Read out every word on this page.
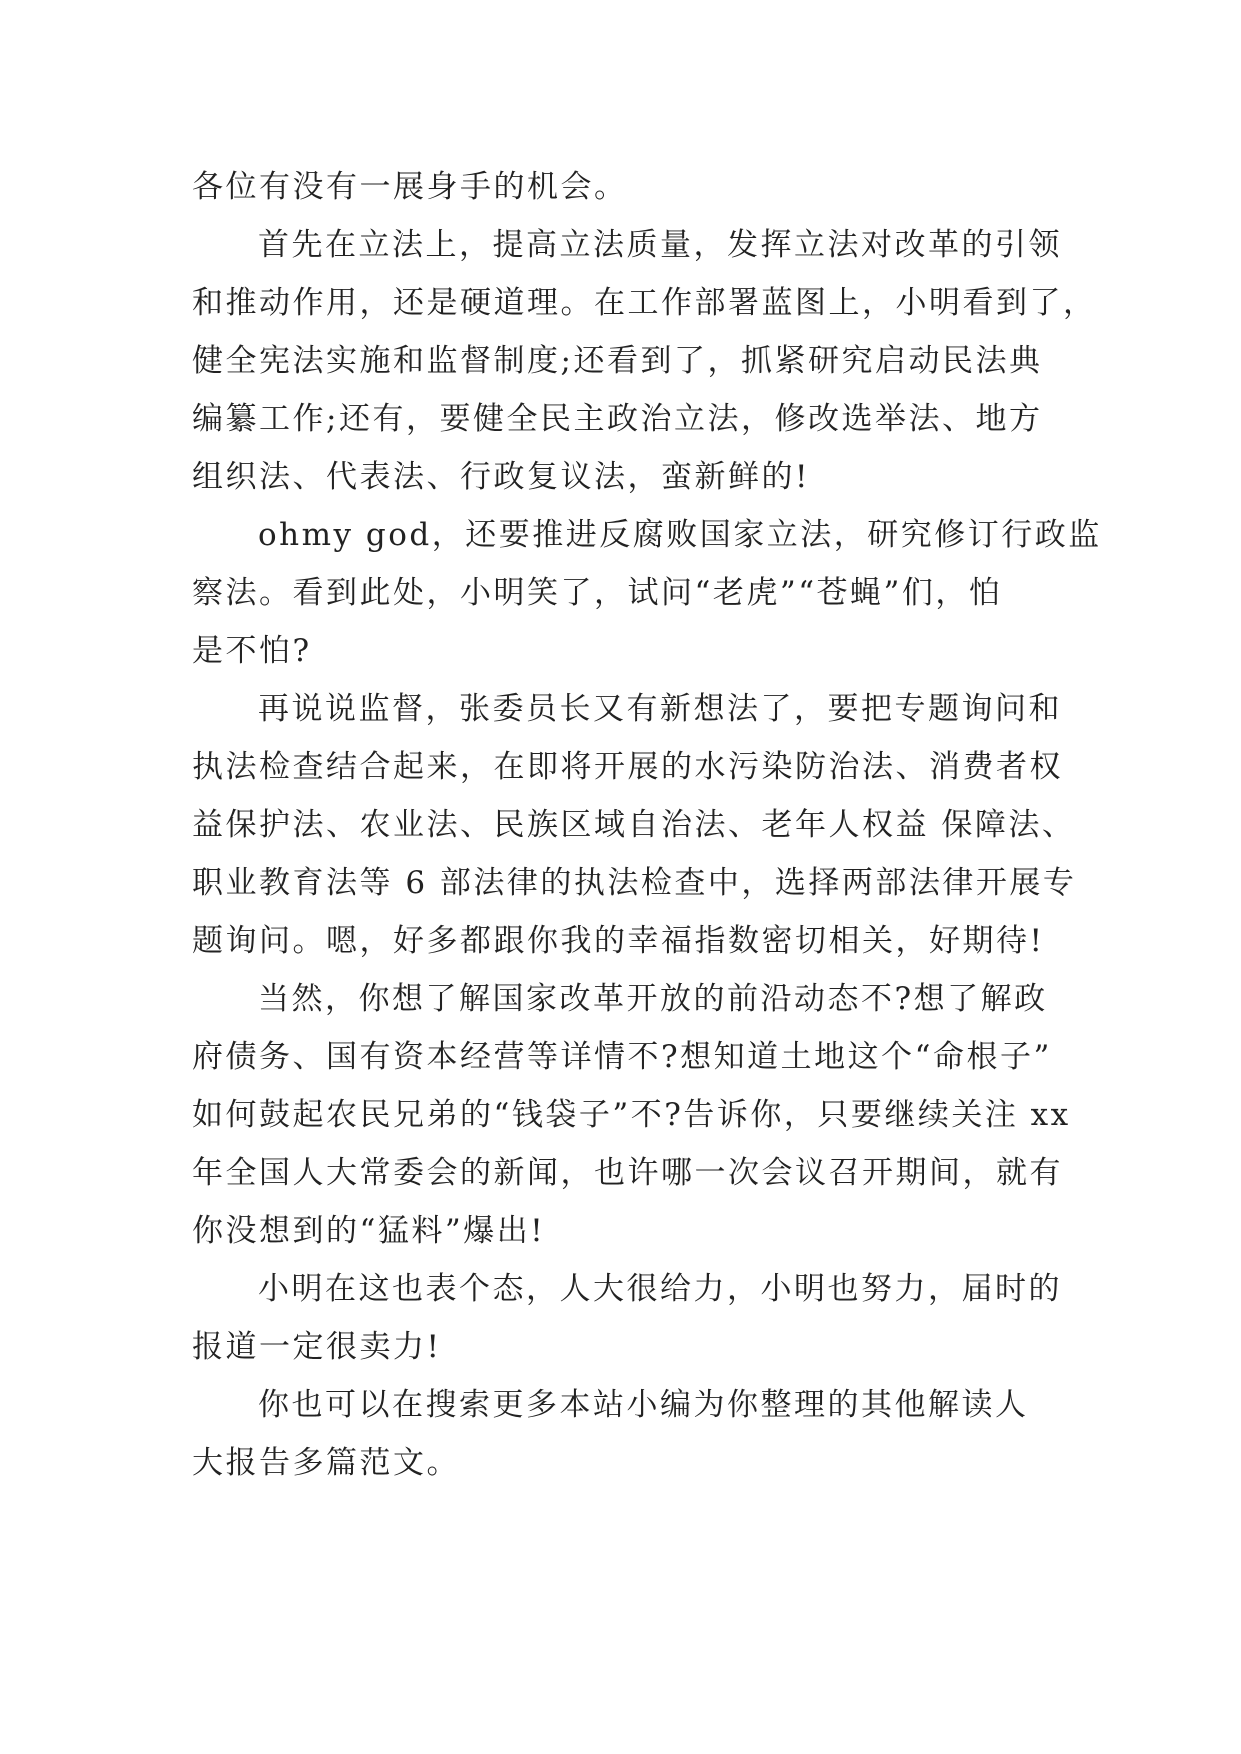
各位有没有一展身手的机会。

首先在立法上，提高立法质量，发挥立法对改革的引领
和推动作用，还是硬道理。在工作部署蓝图上，小明看到了，
健全宪法实施和监督制度;还看到了，抓紧研究启动民法典
编纂工作;还有，要健全民主政治立法，修改选举法、地方
组织法、代表法、行政复议法，蛮新鲜的!

ohmy god，还要推进反腐败国家立法，研究修订行政监
察法。看到此处，小明笑了，试问“老虎”“苍蝇”们，怕
是不怕?

再说说监督，张委员长又有新想法了，要把专题询问和
执法检查结合起来，在即将开展的水污染防治法、消费者权
益保护法、农业法、民族区域自治法、老年人权益 保障法、
职业教育法等 6 部法律的执法检查中，选择两部法律开展专
题询问。嗯，好多都跟你我的幸福指数密切相关，好期待!

当然，你想了解国家改革开放的前沿动态不?想了解政
府债务、国有资本经营等详情不?想知道土地这个“命根子”
如何鼓起农民兄弟的“钱袋子”不?告诉你，只要继续关注 xx
年全国人大常委会的新闻，也许哪一次会议召开期间，就有
你没想到的“猛料”爆出!

小明在这也表个态，人大很给力，小明也努力，届时的
报道一定很卖力!

你也可以在搜索更多本站小编为你整理的其他解读人
大报告多篇范文。
